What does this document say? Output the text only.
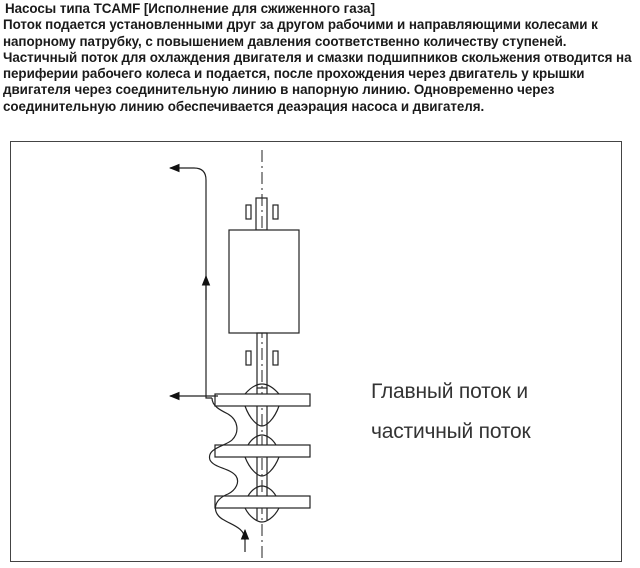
Насосы типа TCAMF [Исполнение для сжиженного газа]
Поток подается установленными друг за другом рабочими и направляющими колесами к напорному патрубку, с повышением давления соответственно количеству ступеней. Частичный поток для охлаждения двигателя и смазки подшипников скольжения отводится на периферии рабочего колеса и подается, после прохождения через двигатель у крышки двигателя через соединительную линию в напорную линию. Одновременно через соединительную линию обеспечивается деаэрация насоса и двигателя.
Главный поток и
частичный поток
